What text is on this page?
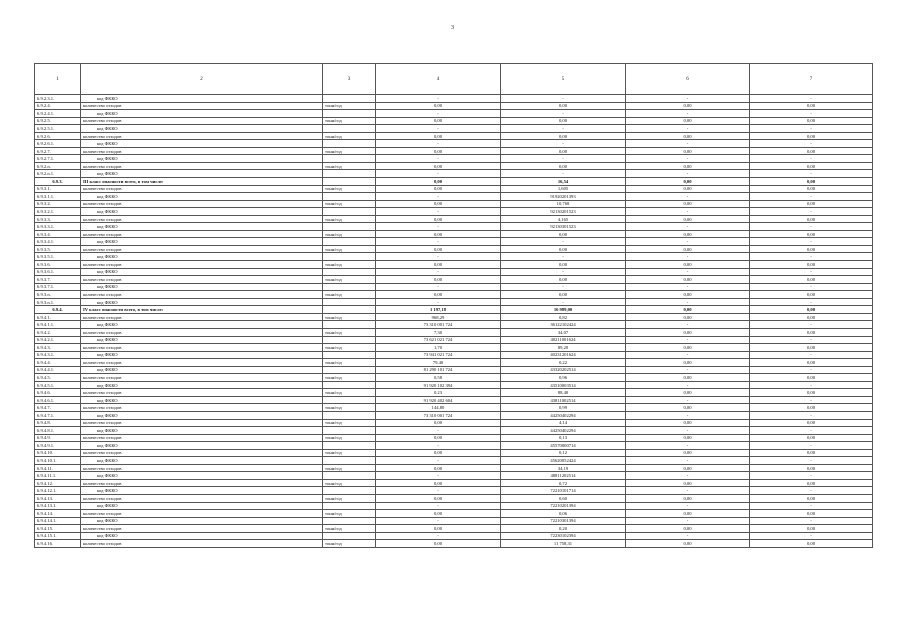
3
1	2	3	4	5	6	7
6.9.2.3.1.	код ФККО		-	-	-	-
6.9.2.4.	количество отходов	тонн/год	0,00	0,00	0,00	0,00
6.9.2.4.1.	код ФККО		-	-	-	-
6.9.2.5.	количество отходов	тонн/год	0,00	0,00	0,00	0,00
6.9.2.5.1.	код ФККО		-	-	-	-
6.9.2.6.	количество отходов	тонн/год	0,00	0,00	0,00	0,00
6.9.2.6.1.	код ФККО		-	-	-	-
6.9.2.7.	количество отходов	тонн/год	0,00	0,00	0,00	0,00
6.9.2.7.1.	код ФККО		-	-	-	-
6.9.2.n.	количество отходов	тонн/год	0,00	0,00	0,00	0,00
6.9.2.n.1.	код ФККО		-	-	-	-
6.9.3.	III класс опасности всего, в том числе:		0,00	16,54	0,00	0,00
6.9.3.1.	количество отходов	тонн/год	0,00	1,605	0,00	0,00
6.9.3.1.1.	код ФККО		-	91920201393	-	-
6.9.3.2.	количество отходов	тонн/год	0,00	10,768	0,00	0,00
6.9.3.2.1.	код ФККО		-	92130201523	-	-
6.9.3.3.	количество отходов	тонн/год	0,00	4,165	0,00	0,00
6.9.3.3.1.	код ФККО		-	92130301523	-	-
6.9.3.4.	количество отходов	тонн/год	0,00	0,00	0,00	0,00
6.9.3.4.1.	код ФККО		-	-	-	-
6.9.3.5.	количество отходов	тонн/год	0,00	0,00	0,00	0,00
6.9.3.5.1.	код ФККО		-	-	-	-
6.9.3.6.	количество отходов	тонн/год	0,00	0,00	0,00	0,00
6.9.3.6.1.	код ФККО		-	-	-	-
6.9.3.7.	количество отходов	тонн/год	0,00	0,00	0,00	0,00
6.9.3.7.1.	код ФККО		-	-	-	-
6.9.3.n.	количество отходов	тонн/год	0,00	0,00	0,00	0,00
6.9.3.n.1.	код ФККО		-	-	-	-
6.9.4.	IV класс опасности всего, в том числе:		1 197,18	16 989,00	0,00	0,00
6.9.4.1.	количество отходов	тонн/год	968,29	0,82	0,00	0,00
6.9.4.1.1.	код ФККО		73 310 001 724	36122102424	-	-
6.9.4.2.	количество отходов	тонн/год	7,30	34,07	0,00	0,00
6.9.4.2.1.	код ФККО		73 621 021 724	40211001624	-	-
6.9.4.3.	количество отходов	тонн/год	1,70	89,20	0,00	0,00
6.9.4.3.1.	код ФККО		73 941 021 724	40231201624	-	-
6.9.4.4.	количество отходов	тонн/год	79,40	0,22	0,00	0,00
6.9.4.4.1.	код ФККО		81 290 101 724	43320202514	-	-
6.9.4.5.	количество отходов	тонн/год	0,58	0,96	0,00	0,00
6.9.4.5.1.	код ФККО		91 920 102 394	43510003514	-	-
6.9.4.6.	количество отходов	тонн/год	0,23	88,40	0,00	0,00
6.9.4.6.1.	код ФККО		91 920 402 604	43811002514	-	-
6.9.4.7.	количество отходов	тонн/год	144,80	0,99	0,00	0,00
6.9.4.7.1.	код ФККО		73 310 001 724	44250402294	-	-
6.9.4.8.	количество отходов	тонн/год	0,00	4,14	0,00	0,00
6.9.4.8.1.	код ФККО		-	44250402294	-	-
6.9.4.9.	количество отходов	тонн/год	0,00	0,13	0,00	0,00
6.9.4.9.1.	код ФККО		-	45570000714	-	-
6.9.4.10.	количество отходов	тонн/год	0,00	0,12	0,00	0,00
6.9.4.10.1.	код ФККО		-	45620052424	-	-
6.9.4.11.	количество отходов	тонн/год	0,00	34,19	0,00	0,00
6.9.4.11.1.	код ФККО		-	48811202514	-	-
6.9.4.12.	количество отходов	тонн/год	0,00	0,72	0,00	0,00
6.9.4.12.1.	код ФККО		-	72210101714	-	-
6.9.4.13.	количество отходов	тонн/год	0,00	0,60	0,00	0,00
6.9.4.13.1.	код ФККО		-	72210201394	-	-
6.9.4.14.	количество отходов	тонн/год	0,00	0,06	0,00	0,00
6.9.4.14.1.	код ФККО		-	72210301394	-	-
6.9.4.15.	количество отходов	тонн/год	0,00	0,20	0,00	0,00
6.9.4.15.1.	код ФККО		-	72230102394	-	-
6.9.4.16.	количество отходов	тонн/год	0,00	11 758,31	0,00	0,00
